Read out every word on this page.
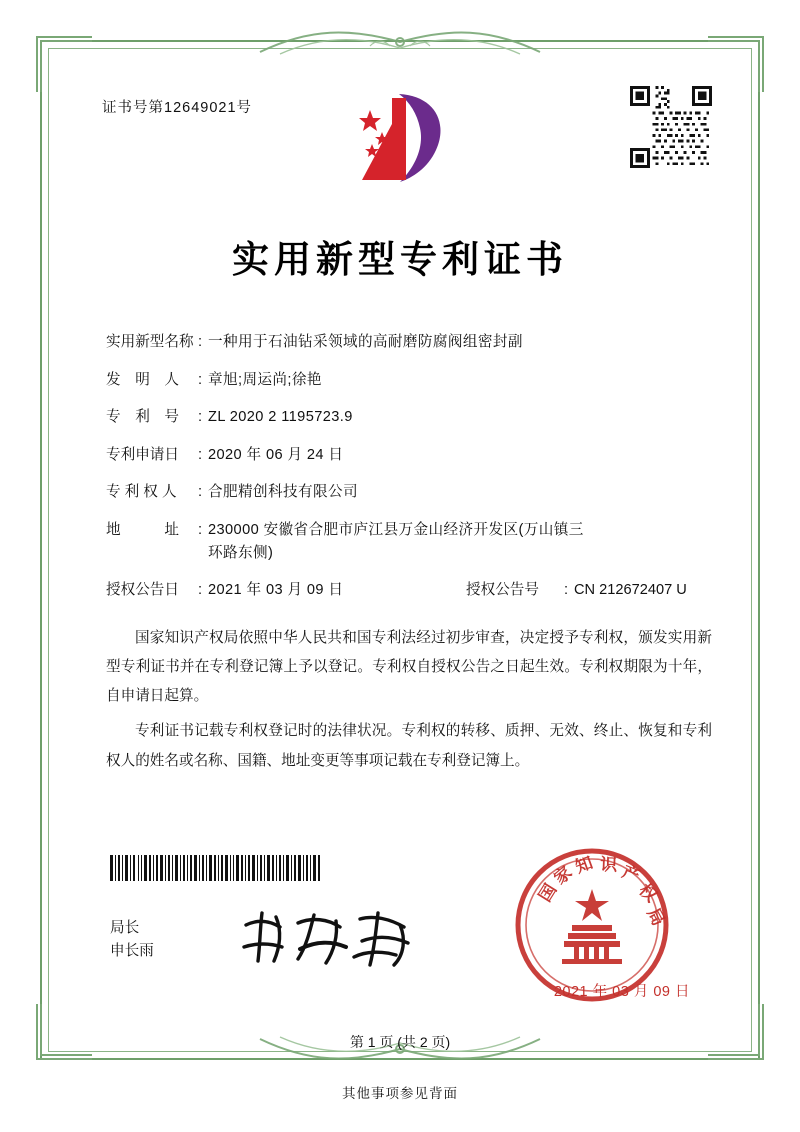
证书号第12649021号
实用新型专利证书
实用新型名称 : 一种用于石油钻采领域的高耐磨防腐阀组密封副
发　明　人	: 章旭;周运尚;徐艳
专　利　号	: ZL 2020 2 1195723.9
专利申请日	: 2020 年 06 月 24 日
专 利 权 人	: 合肥精创科技有限公司
地　　　址	: 230000 安徽省合肥市庐江县万金山经济开发区(万山镇三
环路东侧)
授权公告日	: 2021 年 03 月 09 日	授权公告号	: CN 212672407 U

国家知识产权局依照中华人民共和国专利法经过初步审查，决定授予专利权，颁发实用新型专利证书并在专利登记簿上予以登记。专利权自授权公告之日起生效。专利权期限为十年，自申请日起算。

专利证书记载专利权登记时的法律状况。专利权的转移、质押、无效、终止、恢复和专利权人的姓名或名称、国籍、地址变更等事项记载在专利登记簿上。

局长
申长雨
国
家
知 识 产
权
局
2021 年 03 月 09 日
第 1 页 (共 2 页)
其他事项参见背面
